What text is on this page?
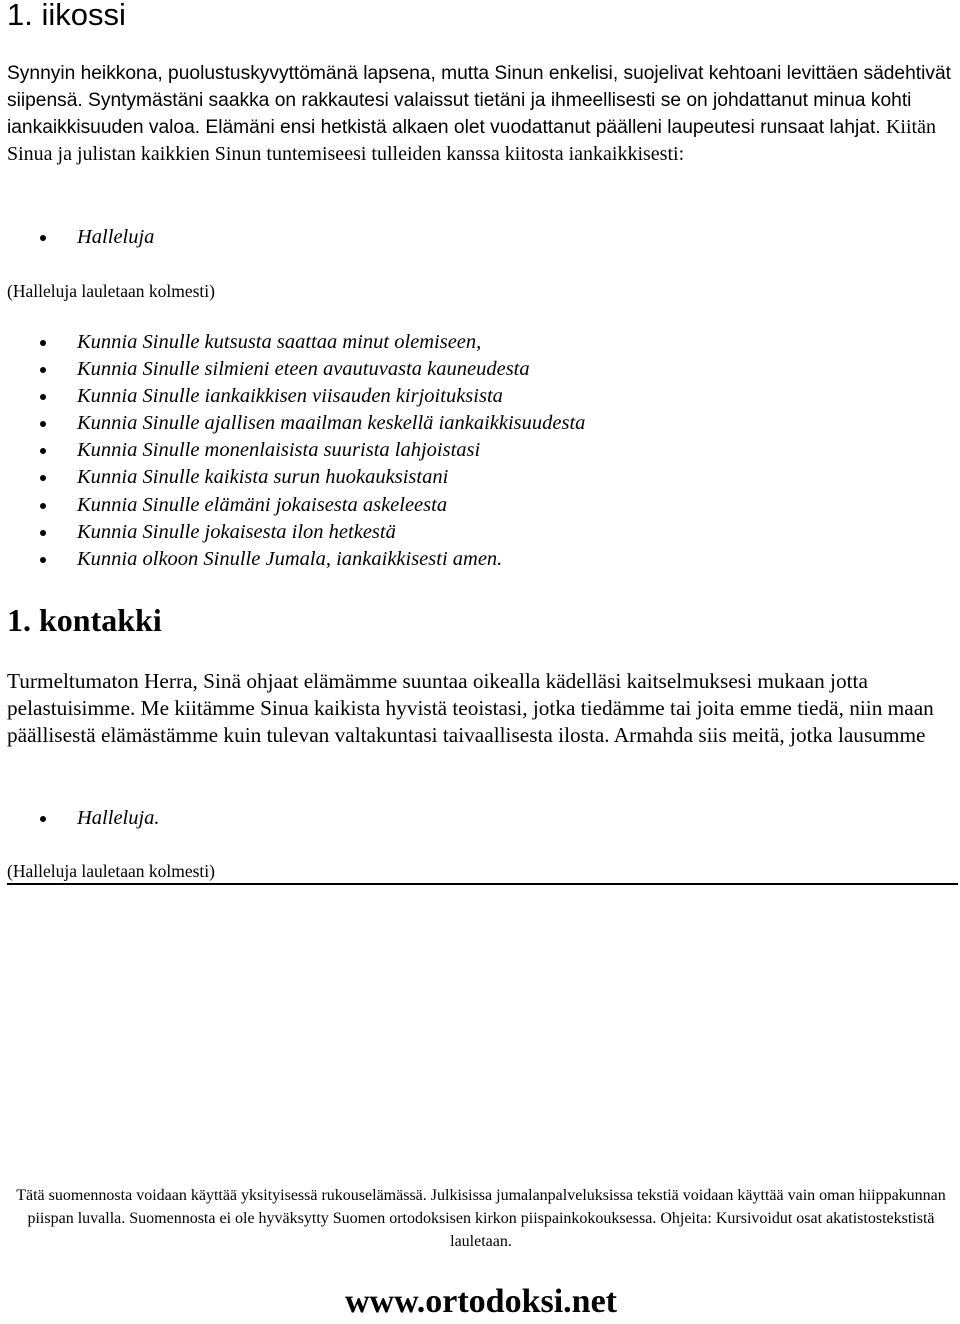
1. iikossi

Synnyin heikkona, puolustuskyvyttömänä lapsena, mutta Sinun enkelisi, suojelivat kehtoani levittäen sädehtivät siipensä. Syntymästäni saakka on rakkautesi valaissut tietäni ja ihmeellisesti se on johdattanut minua kohti iankaikkisuuden valoa. Elämäni ensi hetkistä alkaen olet vuodattanut päälleni laupeutesi runsaat lahjat. Kiitän Sinua ja julistan kaikkien Sinun tuntemiseesi tulleiden kanssa kiitosta iankaikkisesti:

Halleluja
(Halleluja lauletaan kolmesti)
Kunnia Sinulle kutsusta saattaa minut olemiseen,
Kunnia Sinulle silmieni eteen avautuvasta kauneudesta
Kunnia Sinulle iankaikkisen viisauden kirjoituksista
Kunnia Sinulle ajallisen maailman keskellä iankaikkisuudesta
Kunnia Sinulle monenlaisista suurista lahjoistasi
Kunnia Sinulle kaikista surun huokauksistani
Kunnia Sinulle elämäni jokaisesta askeleesta
Kunnia Sinulle jokaisesta ilon hetkestä
Kunnia olkoon Sinulle Jumala, iankaikkisesti amen.
1. kontakki

Turmeltumaton Herra, Sinä ohjaat elämämme suuntaa oikealla kädelläsi kaitselmuksesi mukaan jotta pelastuisimme. Me kiitämme Sinua kaikista hyvistä teoistasi, jotka tiedämme tai joita emme tiedä, niin maan päällisestä elämästämme kuin tulevan valtakuntasi taivaallisesta ilosta. Armahda siis meitä, jotka lausumme

Halleluja.
(Halleluja lauletaan kolmesti)

Tätä suomennosta voidaan käyttää yksityisessä rukouselämässä. Julkisissa jumalanpalveluksissa tekstiä voidaan käyttää vain oman hiippakunnan piispan luvalla. Suomennosta ei ole hyväksytty Suomen ortodoksisen kirkon piispainkokouksessa. Ohjeita: Kursivoidut osat akatistostekstistä lauletaan.

www.ortodoksi.net
